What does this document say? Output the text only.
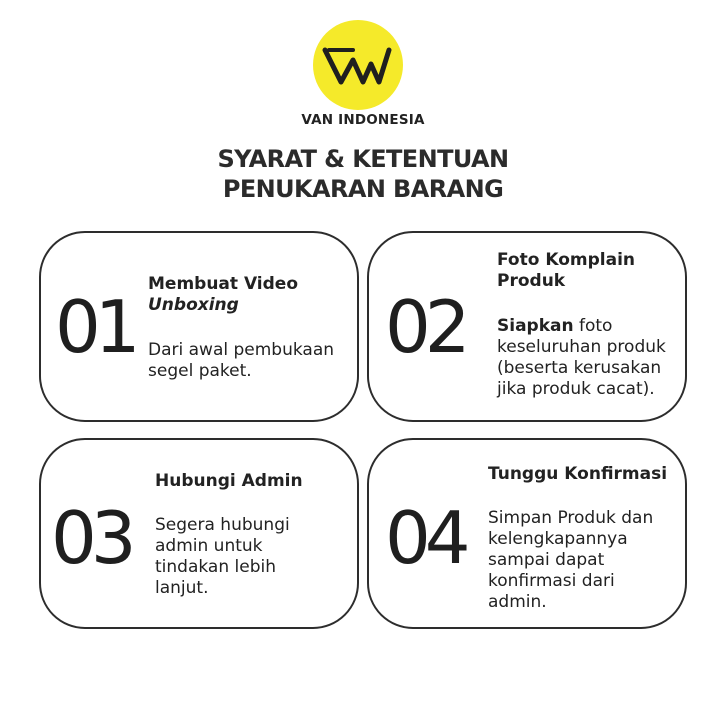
VAN INDONESIA
SYARAT & KETENTUAN
PENUKARAN BARANG
01
Membuat Video
Unboxing
Dari awal pembukaan segel paket.
02
Foto Komplain Produk
Siapkan foto keseluruhan produk (beserta kerusakan jika produk cacat).
03
Hubungi Admin
Segera hubungi admin untuk tindakan lebih lanjut.
04
Tunggu Konfirmasi
Simpan Produk dan kelengkapannya sampai dapat konfirmasi dari admin.
